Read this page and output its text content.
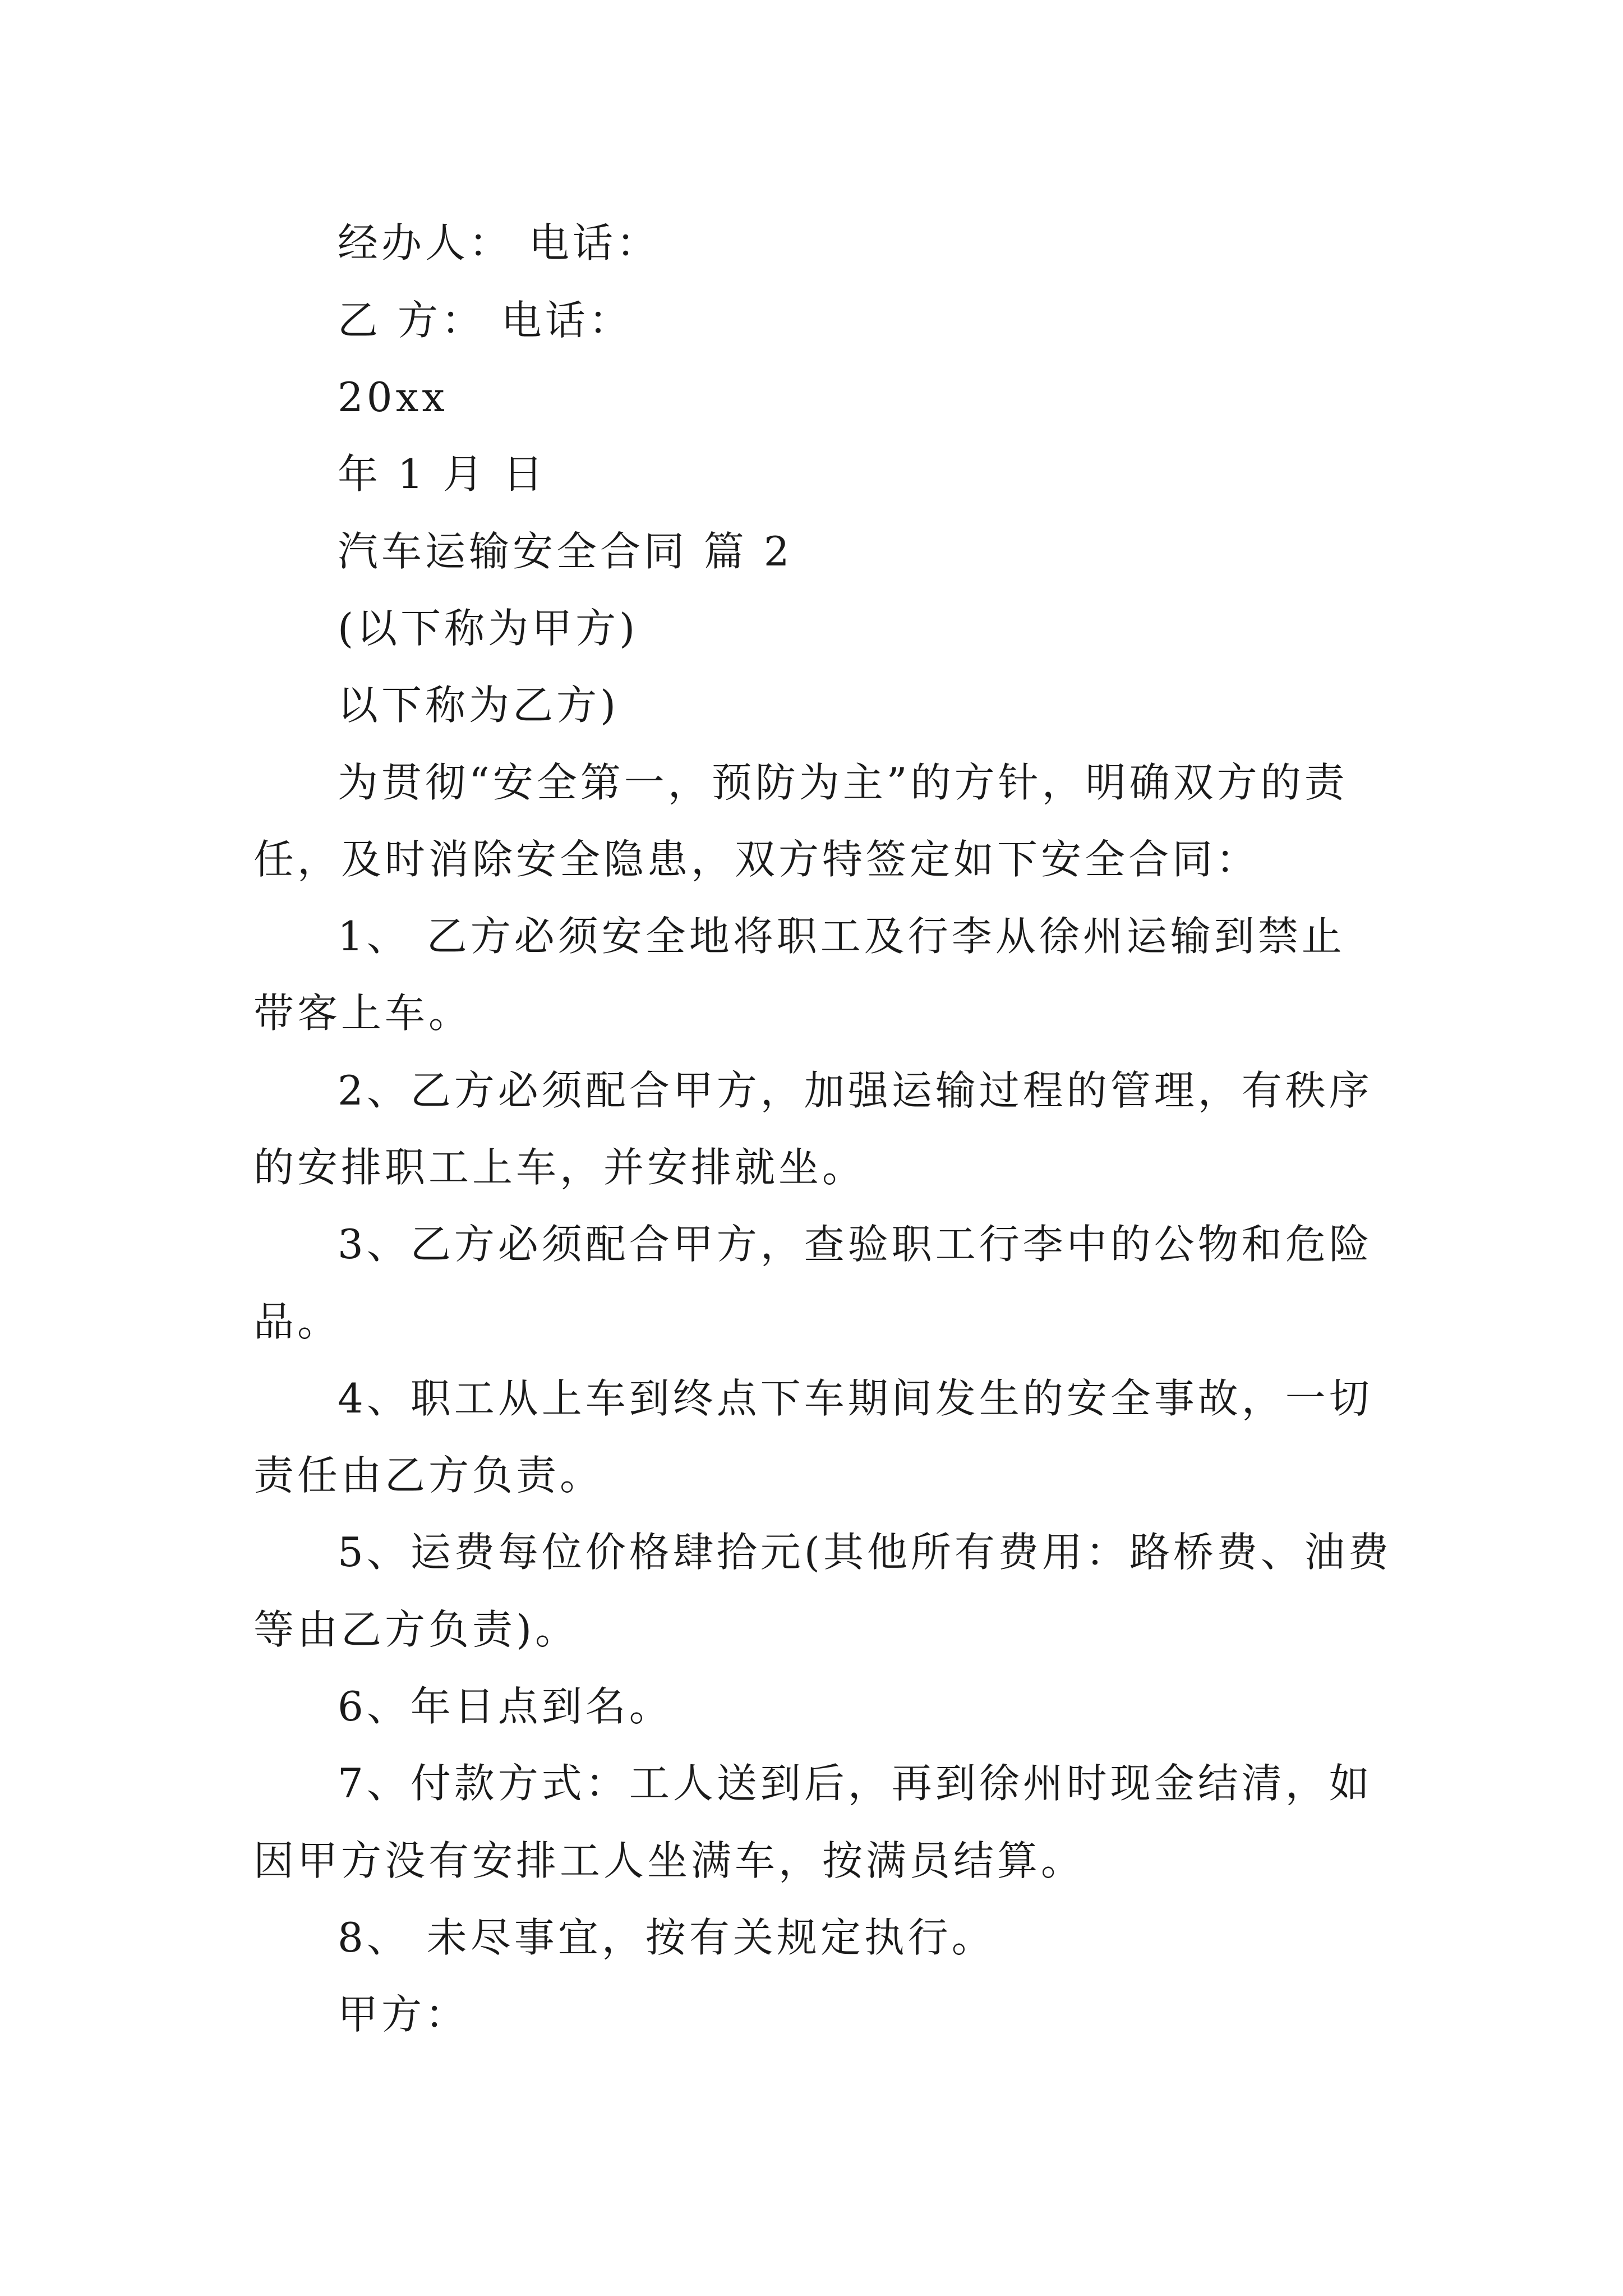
经办人： 电话：
乙 方： 电话：
20xx
年 1 月 日
汽车运输安全合同 篇 2
(以下称为甲方)
以下称为乙方)
为贯彻“安全第一，预防为主”的方针，明确双方的责
任，及时消除安全隐患，双方特签定如下安全合同：
1、 乙方必须安全地将职工及行李从徐州运输到禁止
带客上车。
2、乙方必须配合甲方，加强运输过程的管理，有秩序
的安排职工上车，并安排就坐。
3、乙方必须配合甲方，查验职工行李中的公物和危险
品。
4、职工从上车到终点下车期间发生的安全事故，一切
责任由乙方负责。
5、运费每位价格肆拾元(其他所有费用：路桥费、油费
等由乙方负责)。
6、年日点到名。
7、付款方式：工人送到后，再到徐州时现金结清，如
因甲方没有安排工人坐满车，按满员结算。
8、 未尽事宜，按有关规定执行。
甲方：
